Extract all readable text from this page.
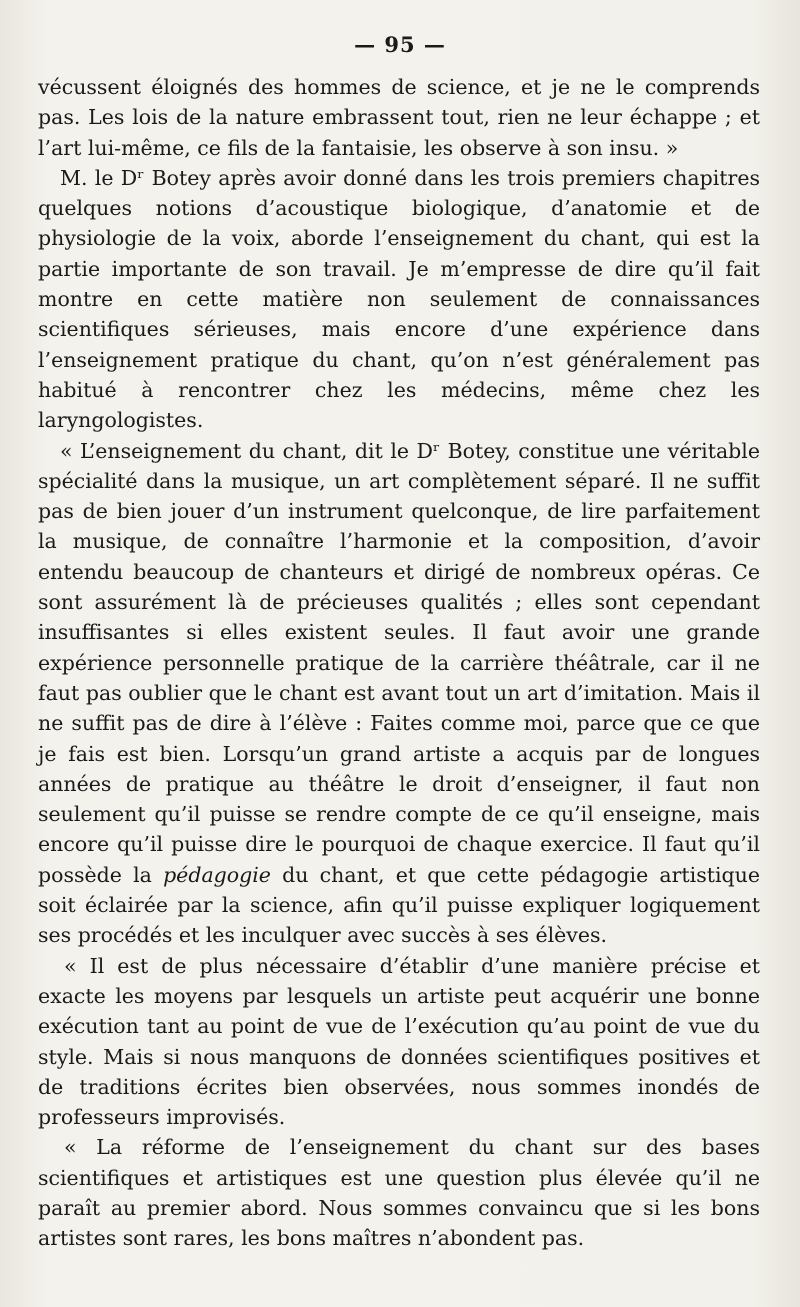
— 95 —

vécussent éloignés des hommes de science, et je ne le comprends pas. Les lois de la nature embrassent tout, rien ne leur échappe ; et l’art lui-même, ce fils de la fantaisie, les observe à son insu. »

M. le Dʳ Botey après avoir donné dans les trois premiers chapitres quelques notions d’acoustique biologique, d’anatomie et de physiologie de la voix, aborde l’enseignement du chant, qui est la partie importante de son travail. Je m’empresse de dire qu’il fait montre en cette matière non seulement de connaissances scientifiques sérieuses, mais encore d’une expérience dans l’enseignement pratique du chant, qu’on n’est généralement pas habitué à rencontrer chez les médecins, même chez les laryngologistes.

« L’enseignement du chant, dit le Dʳ Botey, constitue une véritable spécialité dans la musique, un art complètement séparé. Il ne suffit pas de bien jouer d’un instrument quelconque, de lire parfaitement la musique, de connaître l’harmonie et la composition, d’avoir entendu beaucoup de chanteurs et dirigé de nombreux opéras. Ce sont assurément là de précieuses qualités ; elles sont cependant insuffisantes si elles existent seules. Il faut avoir une grande expérience personnelle pratique de la carrière théâtrale, car il ne faut pas oublier que le chant est avant tout un art d’imitation. Mais il ne suffit pas de dire à l’élève : Faites comme moi, parce que ce que je fais est bien. Lorsqu’un grand artiste a acquis par de longues années de pratique au théâtre le droit d’enseigner, il faut non seulement qu’il puisse se rendre compte de ce qu’il enseigne, mais encore qu’il puisse dire le pourquoi de chaque exercice. Il faut qu’il possède la pédagogie du chant, et que cette pédagogie artistique soit éclairée par la science, afin qu’il puisse expliquer logiquement ses procédés et les inculquer avec succès à ses élèves.

« Il est de plus nécessaire d’établir d’une manière précise et exacte les moyens par lesquels un artiste peut acquérir une bonne exécution tant au point de vue de l’exécution qu’au point de vue du style. Mais si nous manquons de données scientifiques positives et de traditions écrites bien observées, nous sommes inondés de professeurs improvisés.

« La réforme de l’enseignement du chant sur des bases scientifiques et artistiques est une question plus élevée qu’il ne paraît au premier abord. Nous sommes convaincu que si les bons artistes sont rares, les bons maîtres n’abondent pas.
